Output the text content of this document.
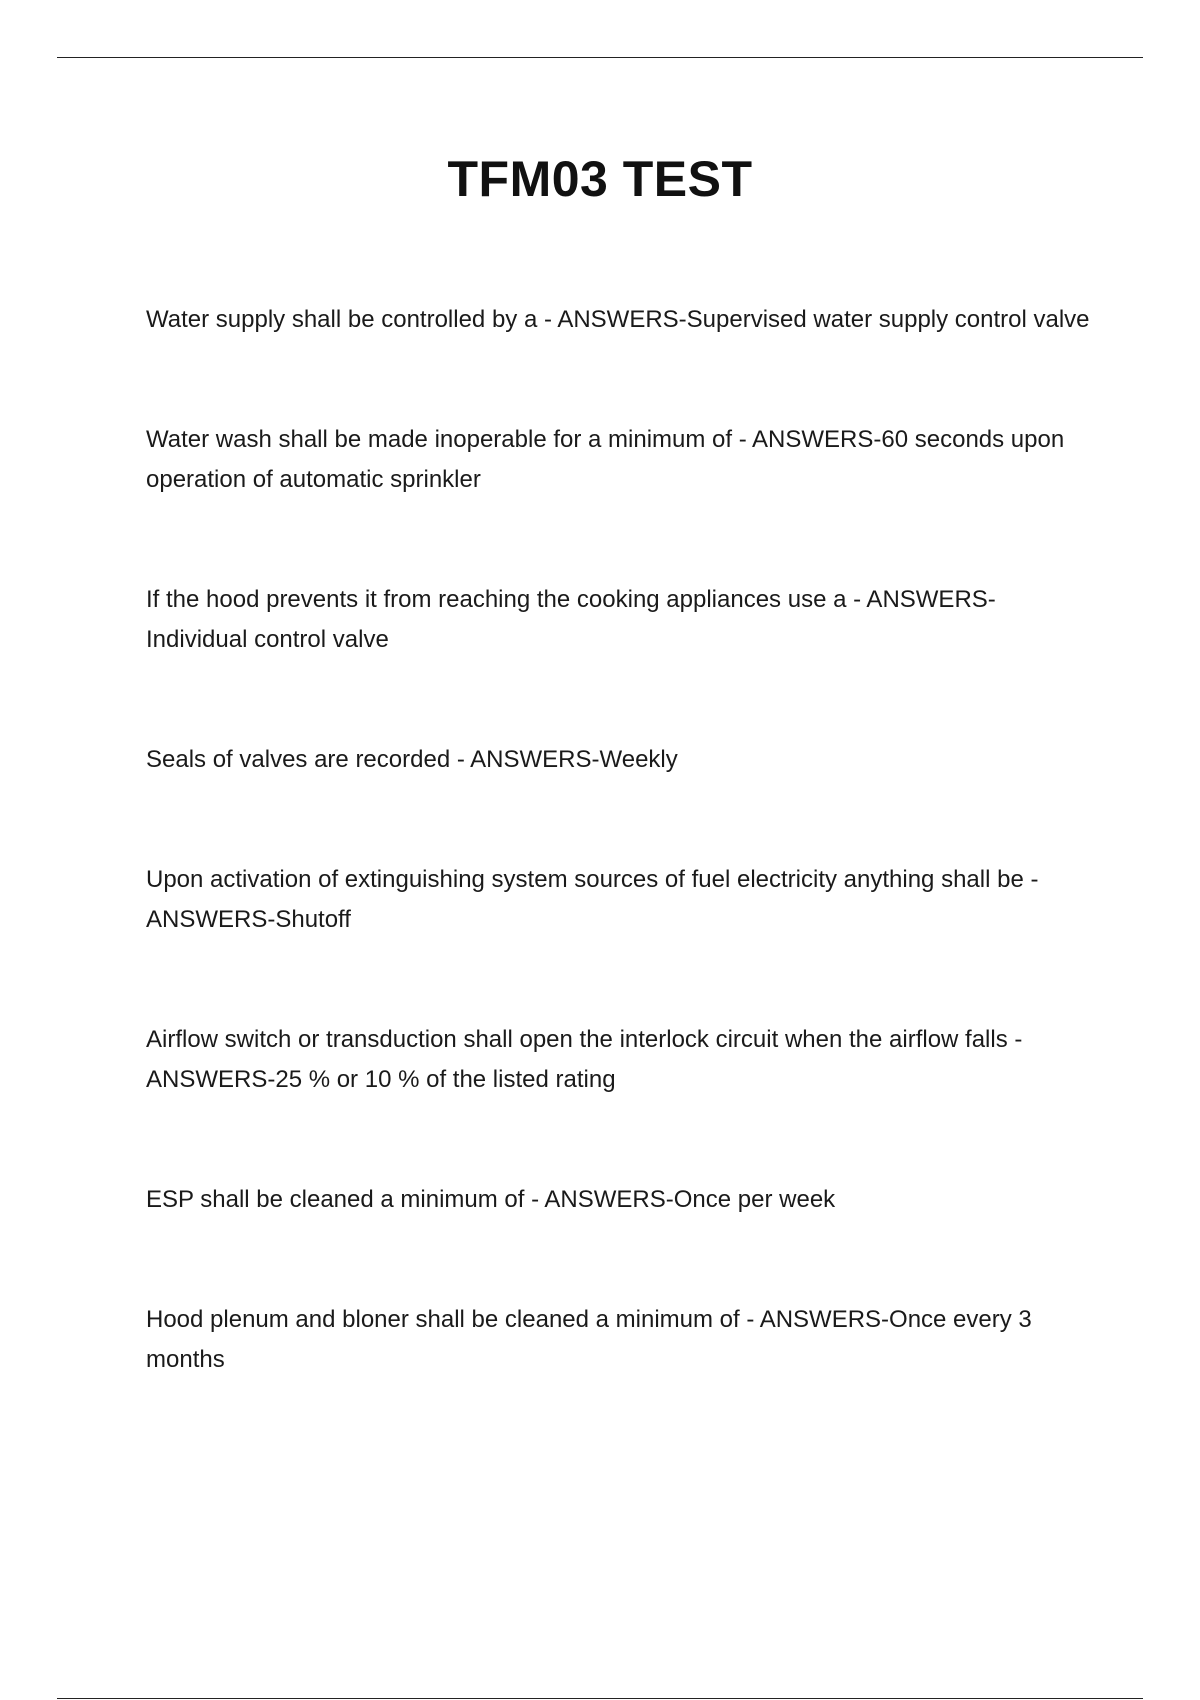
TFM03 TEST
Water supply shall be controlled by a - ANSWERS-Supervised water supply control valve
Water wash shall be made inoperable for a minimum of - ANSWERS-60 seconds upon operation of automatic sprinkler
If the hood prevents it from reaching the cooking appliances use a - ANSWERS-Individual control valve
Seals of valves are recorded - ANSWERS-Weekly
Upon activation of extinguishing system sources of fuel electricity anything shall be - ANSWERS-Shutoff
Airflow switch or transduction shall open the interlock circuit when the airflow falls - ANSWERS-25 % or 10 % of the listed rating
ESP shall be cleaned a minimum of - ANSWERS-Once per week
Hood plenum and bloner shall be cleaned a minimum of - ANSWERS-Once every 3 months
